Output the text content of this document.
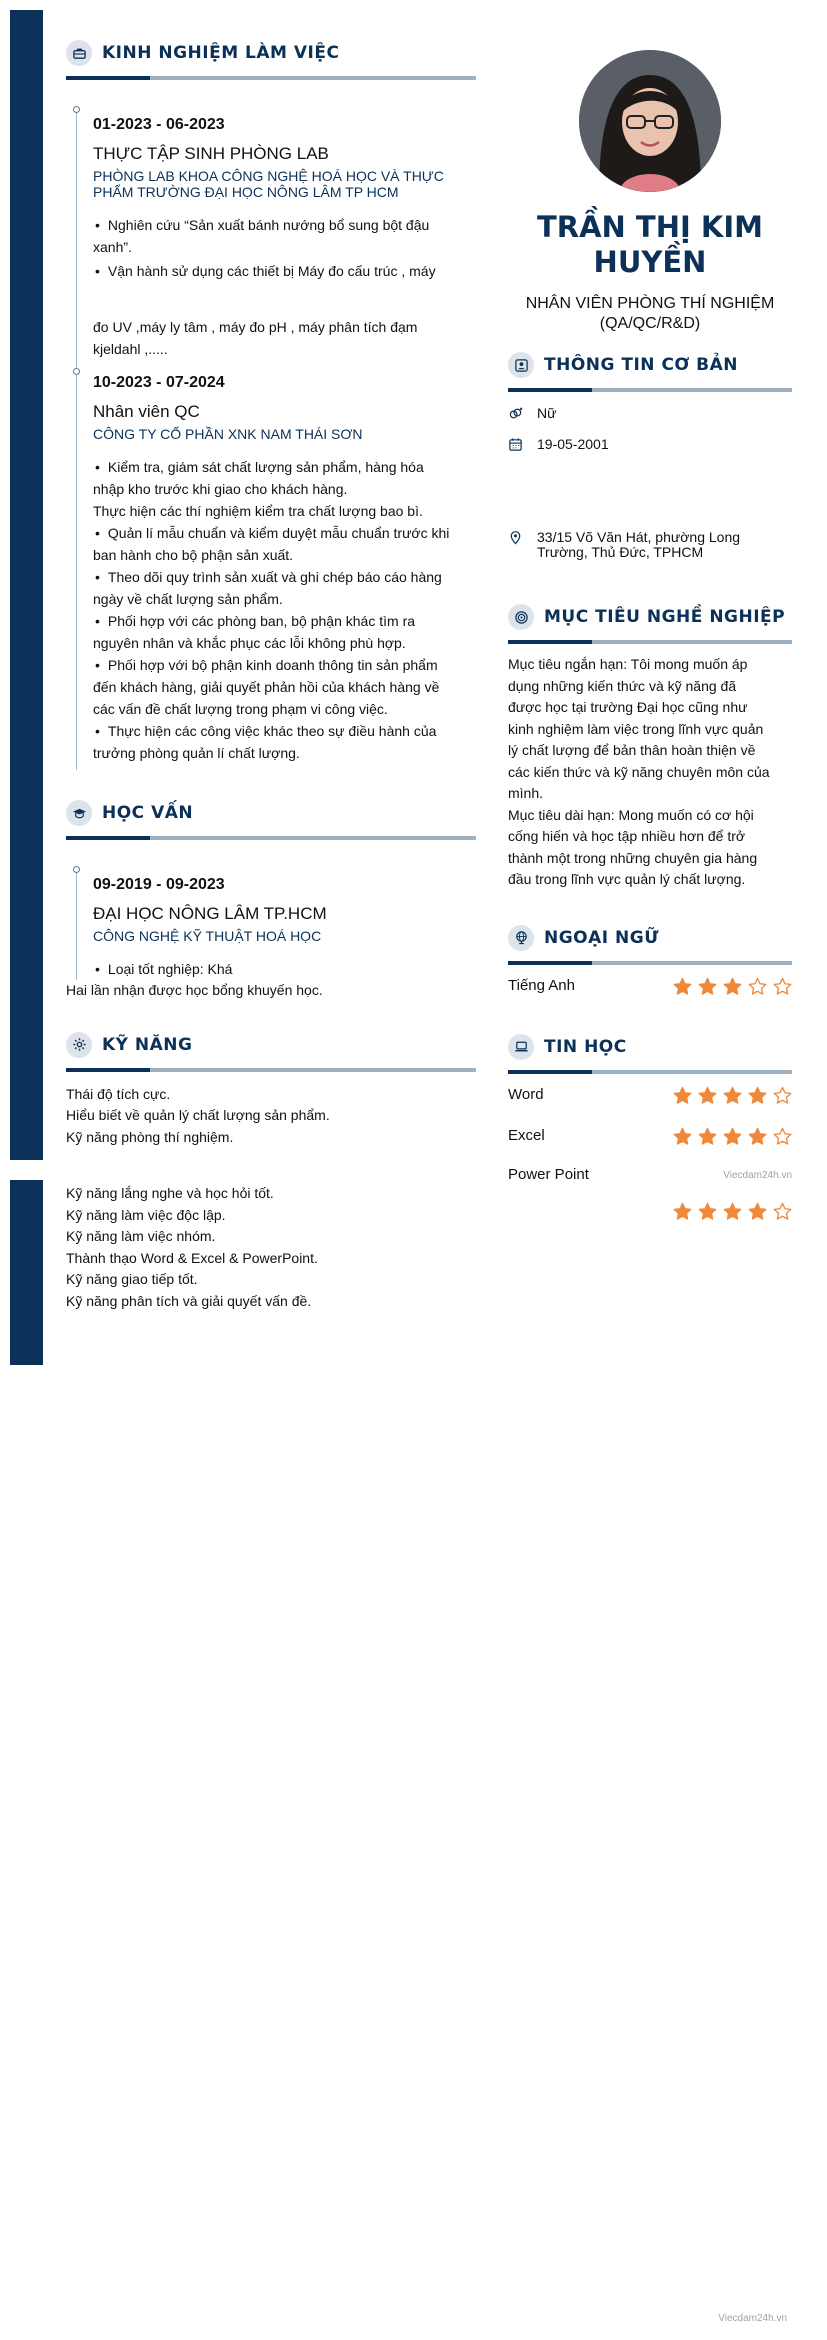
KINH NGHIỆM LÀM VIỆC
01-2023 - 06-2023
THỰC TẬP SINH PHÒNG LAB
PHÒNG LAB KHOA CÔNG NGHỆ HOÁ HỌC VÀ THỰC
PHẨM TRƯỜNG ĐẠI HỌC NÔNG LÂM TP HCM
• Nghiên cứu “Sản xuất bánh nướng bổ sung bột đậu
xanh”.
• Vận hành sử dụng các thiết bị Máy đo cấu trúc , máy
đo UV ,máy ly tâm , máy đo pH , máy phân tích đạm
kjeldahl ,.....
10-2023 - 07-2024
Nhân viên QC
CÔNG TY CỔ PHẦN XNK NAM THÁI SƠN
• Kiểm tra, giám sát chất lượng sản phẩm, hàng hóa
nhập kho trước khi giao cho khách hàng.
Thực hiện các thí nghiệm kiểm tra chất lượng bao bì.
• Quản lí mẫu chuẩn và kiểm duyệt mẫu chuẩn trước khi
ban hành cho bộ phận sản xuất.
• Theo dõi quy trình sản xuất và ghi chép báo cáo hàng
ngày về chất lượng sản phẩm.
• Phối hợp với các phòng ban, bộ phận khác tìm ra
nguyên nhân và khắc phục các lỗi không phù hợp.
• Phối hợp với bộ phận kinh doanh thông tin sản phẩm
đến khách hàng, giải quyết phản hồi của khách hàng về
các vấn đề chất lượng trong phạm vi công việc.
• Thực hiện các công việc khác theo sự điều hành của
trưởng phòng quản lí chất lượng.
HỌC VẤN
09-2019 - 09-2023
ĐẠI HỌC NÔNG LÂM TP.HCM
CÔNG NGHỆ KỸ THUẬT HOÁ HỌC
• Loại tốt nghiệp: Khá
Hai lần nhận được học bổng khuyến học.
KỸ NĂNG
Thái độ tích cực.
Hiểu biết về quản lý chất lượng sản phẩm.
Kỹ năng phòng thí nghiệm.
Kỹ năng lắng nghe và học hỏi tốt.
Kỹ năng làm việc độc lập.
Kỹ năng làm việc nhóm.
Thành thạo Word & Excel & PowerPoint.
Kỹ năng giao tiếp tốt.
Kỹ năng phân tích và giải quyết vấn đề.
TRẦN THỊ KIM
HUYỀN
NHÂN VIÊN PHÒNG THÍ NGHIỆM
(QA/QC/R&D)
THÔNG TIN CƠ BẢN
Nữ
19-05-2001
33/15 Võ Văn Hát, phường Long
Trường, Thủ Đức, TPHCM
MỤC TIÊU NGHỀ NGHIỆP
Mục tiêu ngắn hạn: Tôi mong muốn áp
dụng những kiến thức và kỹ năng đã
được học tại trường Đại học cũng như
kinh nghiệm làm việc trong lĩnh vực quản
lý chất lượng để bản thân hoàn thiện về
các kiến thức và kỹ năng chuyên môn của
mình.
Mục tiêu dài hạn: Mong muốn có cơ hội
cống hiến và học tập nhiều hơn để trở
thành một trong những chuyên gia hàng
đầu trong lĩnh vực quản lý chất lượng.
NGOẠI NGỮ
Tiếng Anh
TIN HỌC
Word
Excel
Power Point	Viecdam24h.vn
Viecdam24h.vn
